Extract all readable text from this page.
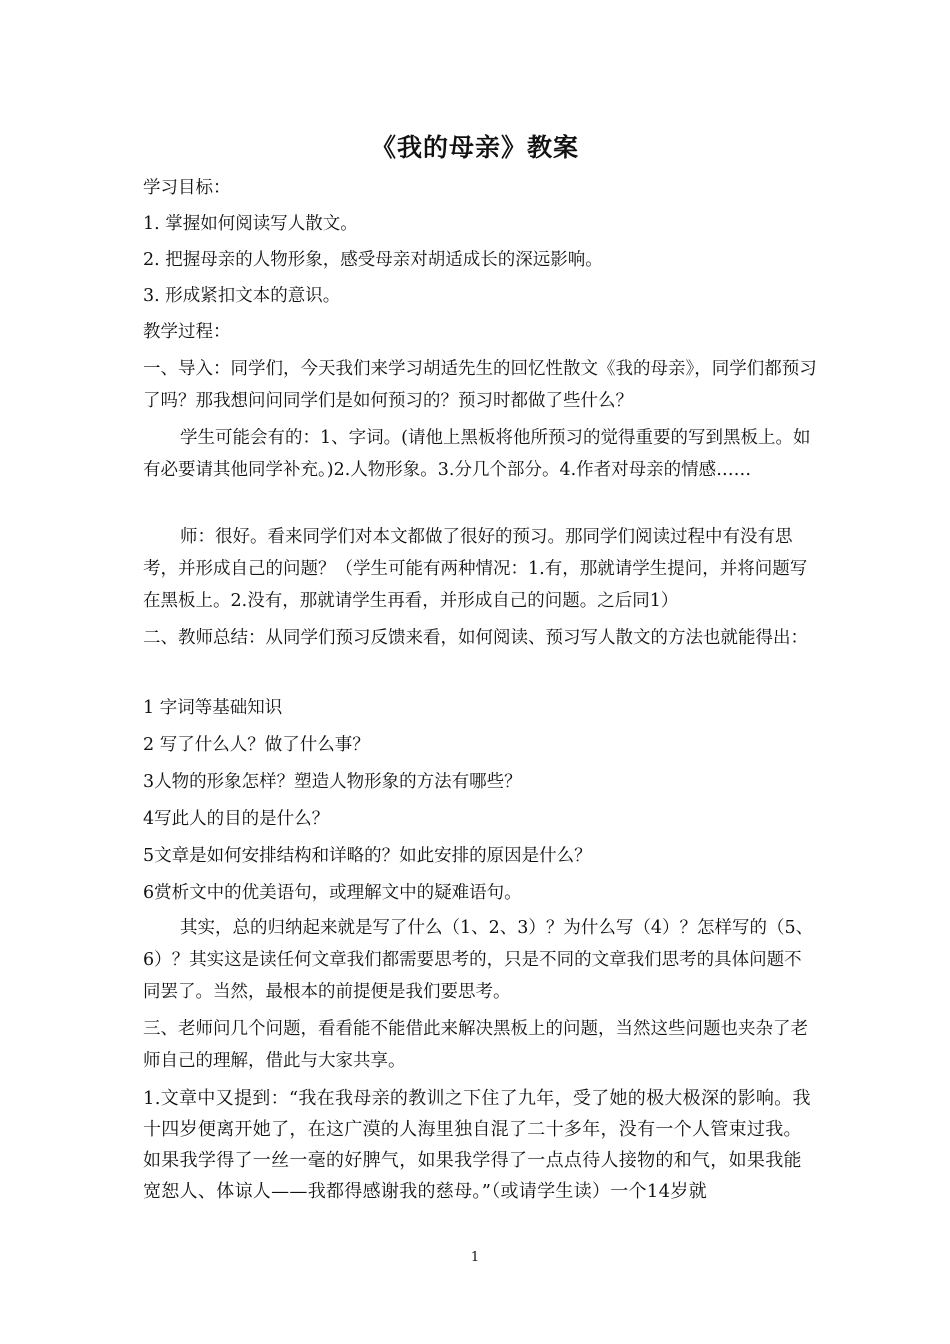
《我的母亲》教案

学习目标：

1. 掌握如何阅读写人散文。

2. 把握母亲的人物形象，感受母亲对胡适成长的深远影响。

3. 形成紧扣文本的意识。

教学过程：

一、导入：同学们，今天我们来学习胡适先生的回忆性散文《我的母亲》，同学们都预习了吗？那我想问问同学们是如何预习的？预习时都做了些什么？

学生可能会有的：1、字词。(请他上黑板将他所预习的觉得重要的写到黑板上。如有必要请其他同学补充。)2.人物形象。3.分几个部分。4.作者对母亲的情感……

师：很好。看来同学们对本文都做了很好的预习。那同学们阅读过程中有没有思考，并形成自己的问题？（学生可能有两种情况：1.有，那就请学生提问，并将问题写在黑板上。2.没有，那就请学生再看，并形成自己的问题。之后同1）

二、教师总结：从同学们预习反馈来看，如何阅读、预习写人散文的方法也就能得出：

1 字词等基础知识

2 写了什么人？做了什么事？

3人物的形象怎样？塑造人物形象的方法有哪些？

4写此人的目的是什么？

5文章是如何安排结构和详略的？如此安排的原因是什么？

6赏析文中的优美语句，或理解文中的疑难语句。

其实，总的归纳起来就是写了什么（1、2、3）？为什么写（4）？怎样写的（5、6）？其实这是读任何文章我们都需要思考的，只是不同的文章我们思考的具体问题不同罢了。当然，最根本的前提便是我们要思考。

三、老师问几个问题，看看能不能借此来解决黑板上的问题，当然这些问题也夹杂了老师自己的理解，借此与大家共享。

1.文章中又提到：“我在我母亲的教训之下住了九年，受了她的极大极深的影响。我十四岁便离开她了，在这广漠的人海里独自混了二十多年，没有一个人管束过我。如果我学得了一丝一毫的好脾气，如果我学得了一点点待人接物的和气，如果我能宽恕人、体谅人——我都得感谢我的慈母。”（或请学生读）一个14岁就

1
